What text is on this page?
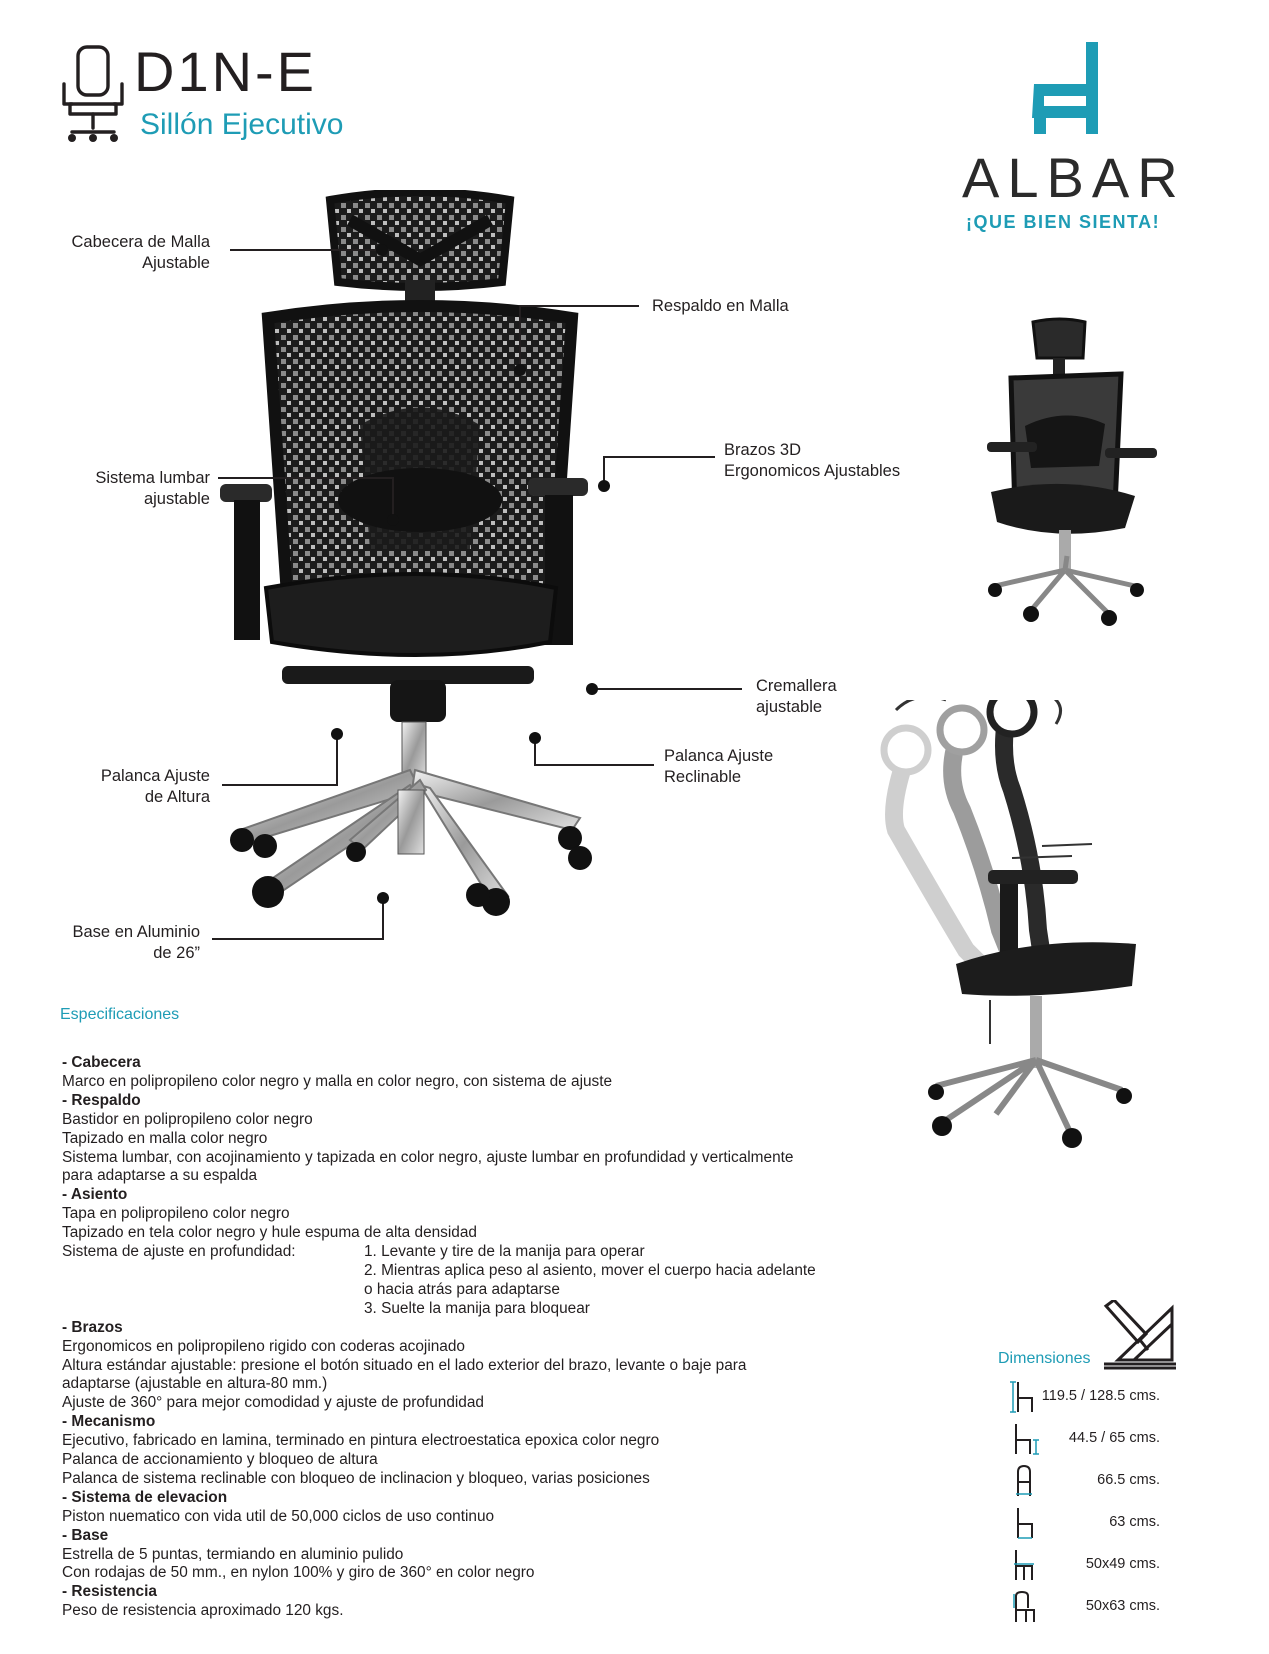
D1N-E
Sillón Ejecutivo
ALBAR
¡QUE BIEN SIENTA!
Cabecera de Malla
Ajustable
Respaldo en Malla
Sistema lumbar
ajustable
Brazos 3D
Ergonomicos Ajustables
Cremallera
ajustable
Palanca Ajuste
de Altura
Palanca Ajuste
Reclinable
Base en Aluminio
de 26”
Especificaciones
- Cabecera
Marco en polipropileno color negro y malla en color negro, con sistema de ajuste
- Respaldo
Bastidor en polipropileno color negro
Tapizado en malla color negro
Sistema lumbar, con acojinamiento y tapizada en color negro, ajuste lumbar en profundidad y verticalmente
para adaptarse a su espalda
- Asiento
Tapa en polipropileno color negro
Tapizado en tela color negro y hule espuma de alta densidad
Sistema de ajuste en profundidad:	1. Levante y tire de la manija para operar
2. Mientras aplica peso al asiento, mover el cuerpo hacia adelante
o hacia atrás para adaptarse
3. Suelte la manija para bloquear
- Brazos
Ergonomicos en polipropileno rigido con coderas acojinado
Altura estándar ajustable: presione el botón situado en el lado exterior del brazo, levante o baje para
adaptarse (ajustable en altura-80 mm.)
Ajuste de 360° para mejor comodidad y ajuste de profundidad
- Mecanismo
Ejecutivo, fabricado en lamina, terminado en pintura electroestatica epoxica color negro
Palanca de accionamiento y bloqueo de altura
Palanca de sistema reclinable con bloqueo de inclinacion y bloqueo, varias posiciones
- Sistema de elevacion
Piston nuematico con vida util de 50,000 ciclos de uso continuo
- Base
Estrella de 5 puntas, termiando en aluminio pulido
Con rodajas de 50 mm., en nylon 100% y giro de 360° en color negro
- Resistencia
Peso de resistencia aproximado 120 kgs.
Dimensiones
119.5 / 128.5 cms.
44.5 / 65 cms.
66.5 cms.
63 cms.
50x49 cms.
50x63 cms.
